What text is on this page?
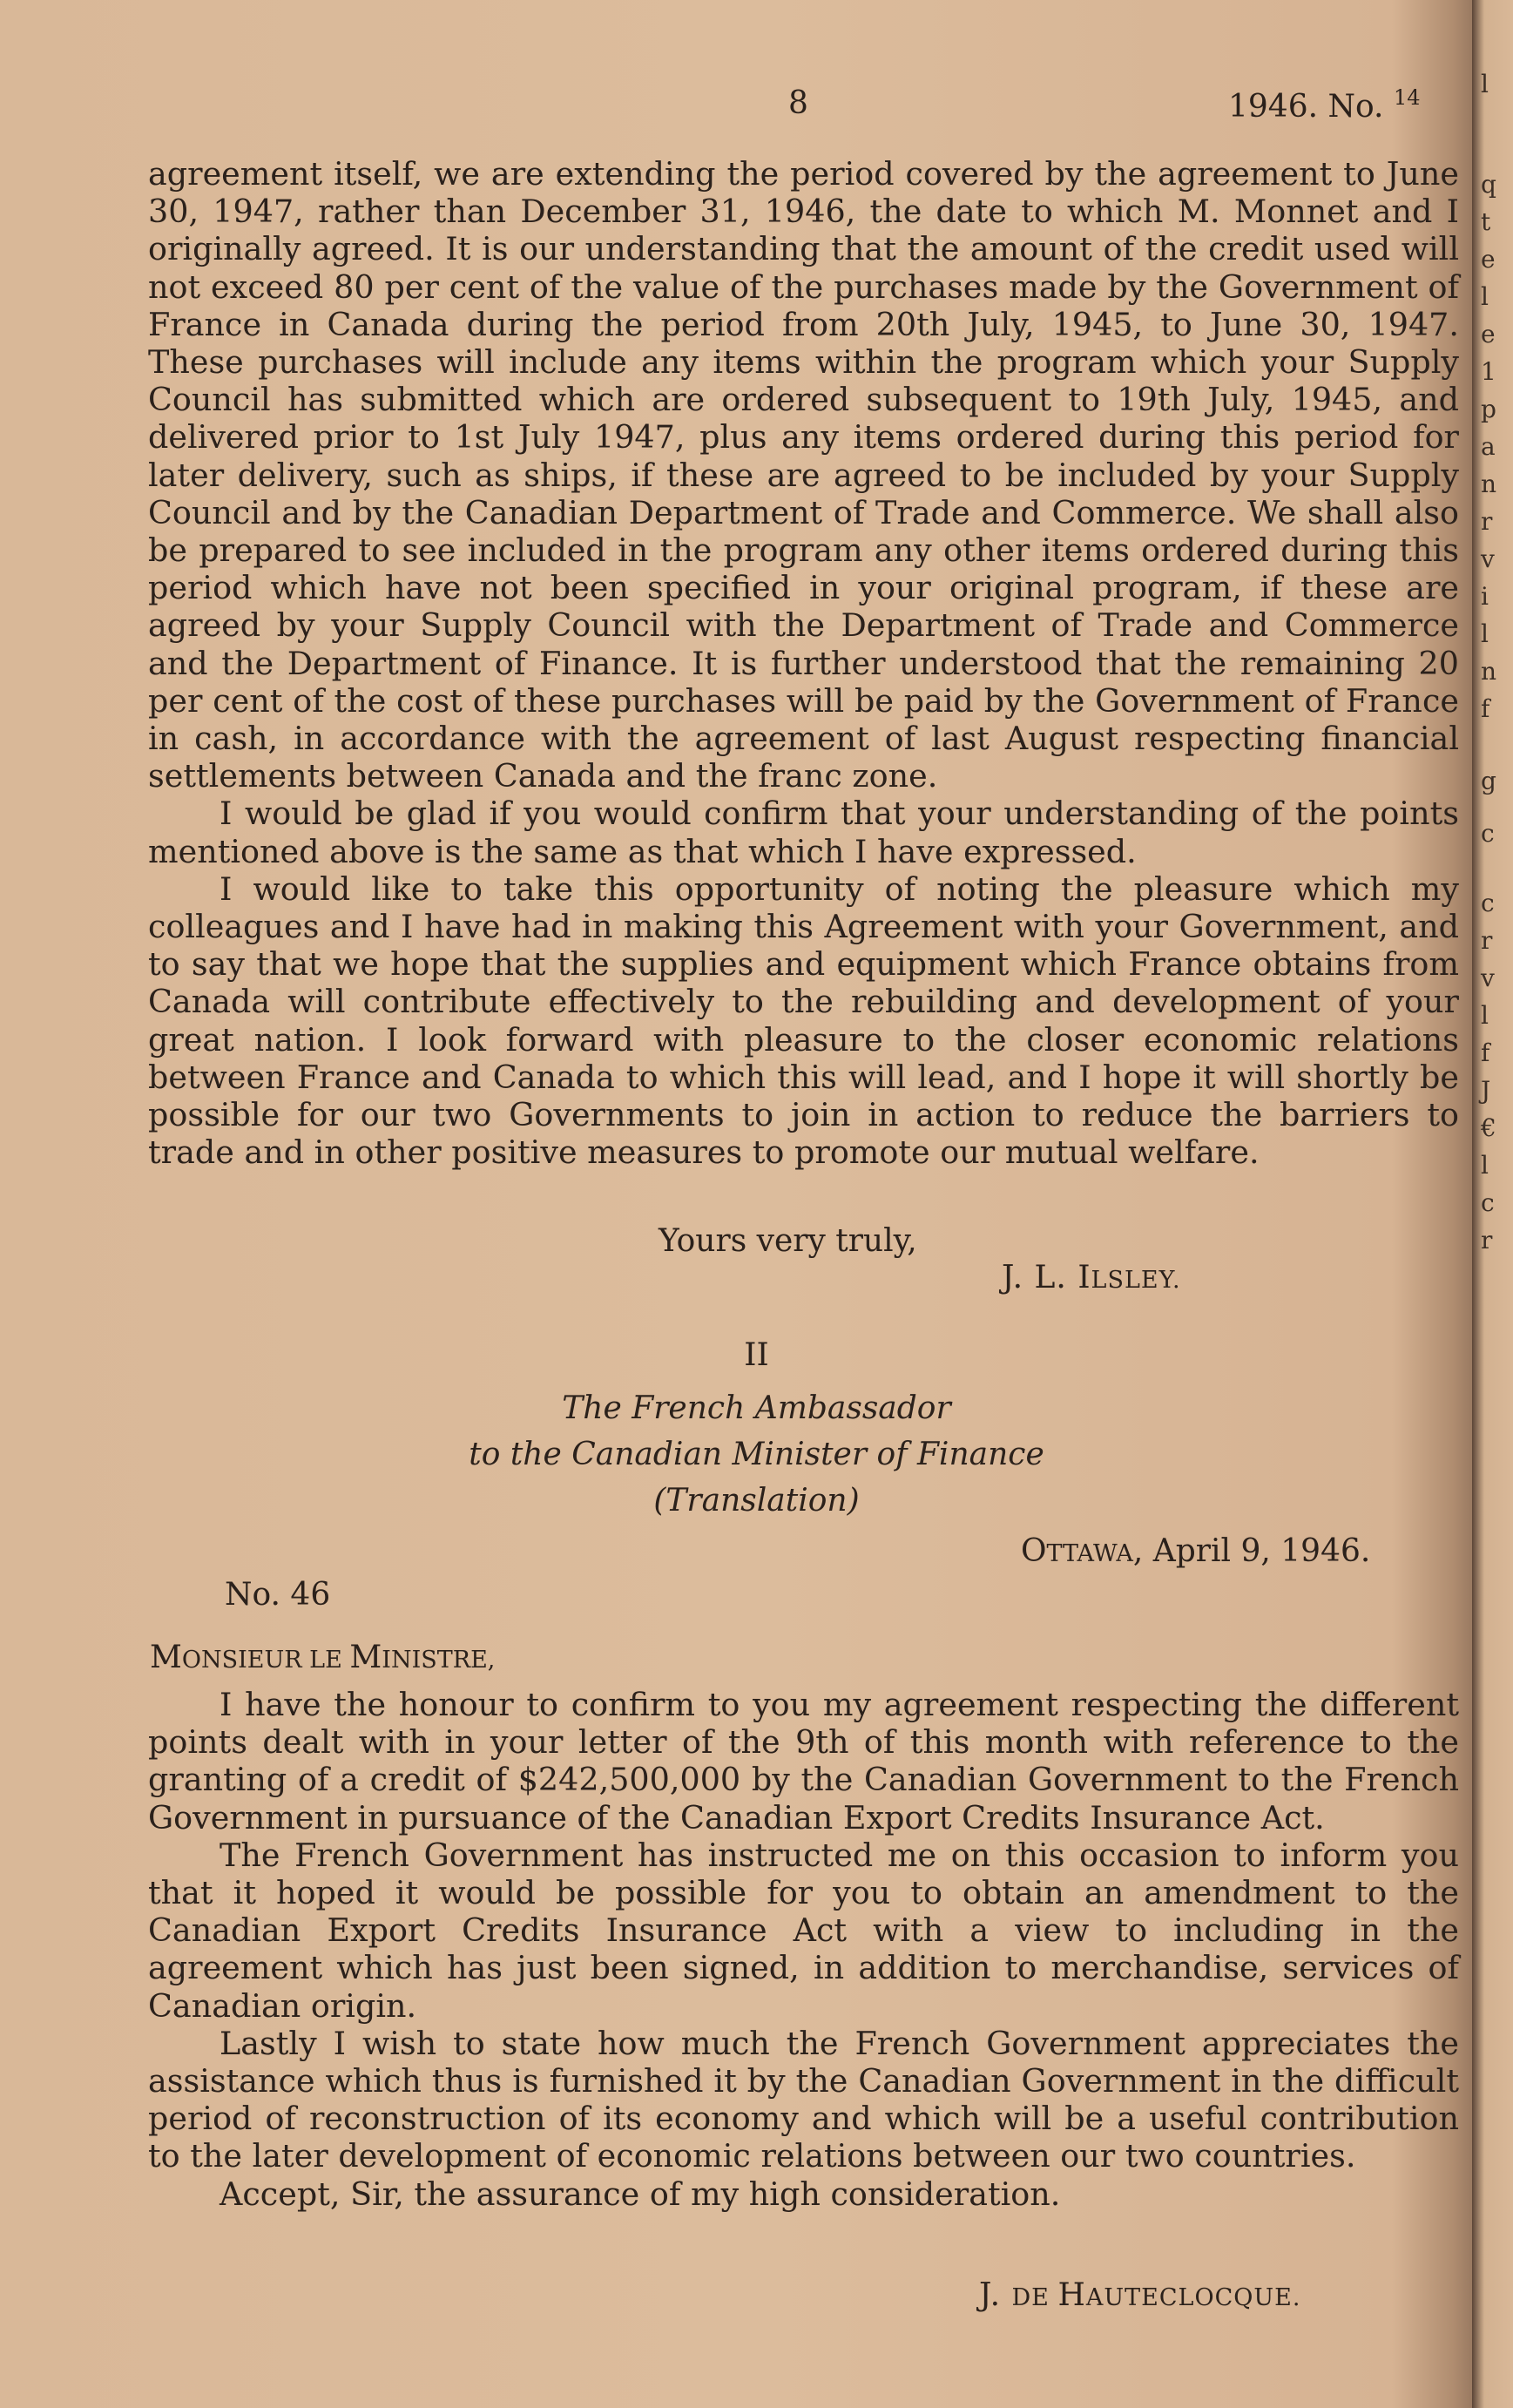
8	1946. No. $^{14}$

agreement itself, we are extending the period covered by the agreement to June 30, 1947, rather than December 31, 1946, the date to which M. Monnet and I originally agreed. It is our understanding that the amount of the credit used will not exceed 80 per cent of the value of the purchases made by the Government of France in Canada during the period from 20th July, 1945, to June 30, 1947. These purchases will include any items within the program which your Supply Council has submitted which are ordered subsequent to 19th July, 1945, and delivered prior to 1st July 1947, plus any items ordered during this period for later delivery, such as ships, if these are agreed to be included by your Supply Council and by the Canadian Department of Trade and Commerce. We shall also be prepared to see included in the program any other items ordered during this period which have not been specified in your original program, if these are agreed by your Supply Council with the Department of Trade and Commerce and the Department of Finance. It is further understood that the remaining 20 per cent of the cost of these purchases will be paid by the Government of France in cash, in accordance with the agreement of last August respecting financial settlements between Canada and the franc zone.

I would be glad if you would confirm that your understanding of the points mentioned above is the same as that which I have expressed.

I would like to take this opportunity of noting the pleasure which my colleagues and I have had in making this Agreement with your Government, and to say that we hope that the supplies and equipment which France obtains from Canada will contribute effectively to the rebuilding and development of your great nation. I look forward with pleasure to the closer economic relations between France and Canada to which this will lead, and I hope it will shortly be possible for our two Governments to join in action to reduce the barriers to trade and in other positive measures to promote our mutual welfare.

Yours very truly,
J. L. ILSLEY.
II
The French Ambassador
to the Canadian Minister of Finance
(Translation)
OTTAWA, April 9, 1946.
No. 46
MONSIEUR LE MINISTRE,

I have the honour to confirm to you my agreement respecting the different points dealt with in your letter of the 9th of this month with reference to the granting of a credit of $242,500,000 by the Canadian Government to the French Government in pursuance of the Canadian Export Credits Insurance Act.

The French Government has instructed me on this occasion to inform you that it hoped it would be possible for you to obtain an amendment to the Canadian Export Credits Insurance Act with a view to including in the agreement which has just been signed, in addition to merchandise, services of Canadian origin.

Lastly I wish to state how much the French Government appreciates the assistance which thus is furnished it by the Canadian Government in the difficult period of reconstruction of its economy and which will be a useful contribution to the later development of economic relations between our two countries.

Accept, Sir, the assurance of my high consideration.

J. DE HAUTECLOCQUE.
l
q
t
e
l
e
1
p
a
n
r
v
i
l
n
f
g
c
c
r
v
l
f
J
€
l
c
r
